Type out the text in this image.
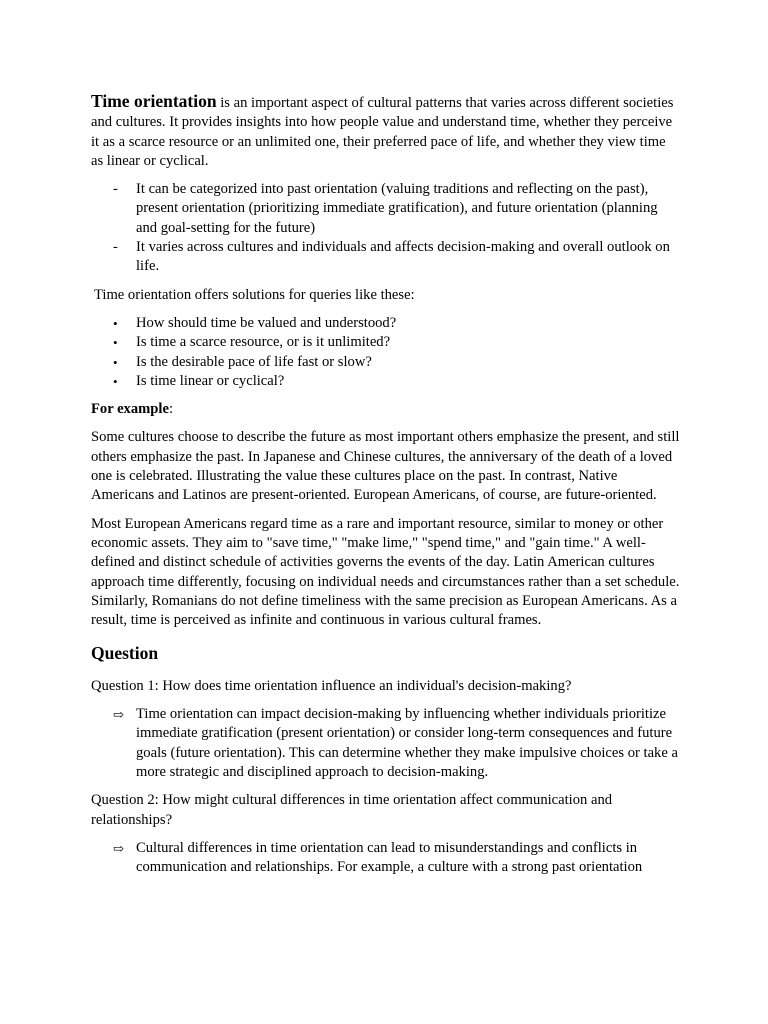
Time orientation is an important aspect of cultural patterns that varies across different societies and cultures. It provides insights into how people value and understand time, whether they perceive it as a scarce resource or an unlimited one, their preferred pace of life, and whether they view time as linear or cyclical.

- It can be categorized into past orientation (valuing traditions and reflecting on the past), present orientation (prioritizing immediate gratification), and future orientation (planning and goal-setting for the future)
- It varies across cultures and individuals and affects decision-making and overall outlook on life.

Time orientation offers solutions for queries like these:

• How should time be valued and understood?
• Is time a scarce resource, or is it unlimited?
• Is the desirable pace of life fast or slow?
• Is time linear or cyclical?

For example:

Some cultures choose to describe the future as most important others emphasize the present, and still others emphasize the past. In Japanese and Chinese cultures, the anniversary of the death of a loved one is celebrated. Illustrating the value these cultures place on the past. In contrast, Native Americans and Latinos are present-oriented. European Americans, of course, are future-oriented.

Most European Americans regard time as a rare and important resource, similar to money or other economic assets. They aim to "save time," "make lime," "spend time," and "gain time." A well-defined and distinct schedule of activities governs the events of the day. Latin American cultures approach time differently, focusing on individual needs and circumstances rather than a set schedule. Similarly, Romanians do not define timeliness with the same precision as European Americans. As a result, time is perceived as infinite and continuous in various cultural frames.

Question

Question 1: How does time orientation influence an individual's decision-making?

⇨ Time orientation can impact decision-making by influencing whether individuals prioritize immediate gratification (present orientation) or consider long-term consequences and future goals (future orientation). This can determine whether they make impulsive choices or take a more strategic and disciplined approach to decision-making.

Question 2: How might cultural differences in time orientation affect communication and relationships?

⇨ Cultural differences in time orientation can lead to misunderstandings and conflicts in communication and relationships. For example, a culture with a strong past orientation
